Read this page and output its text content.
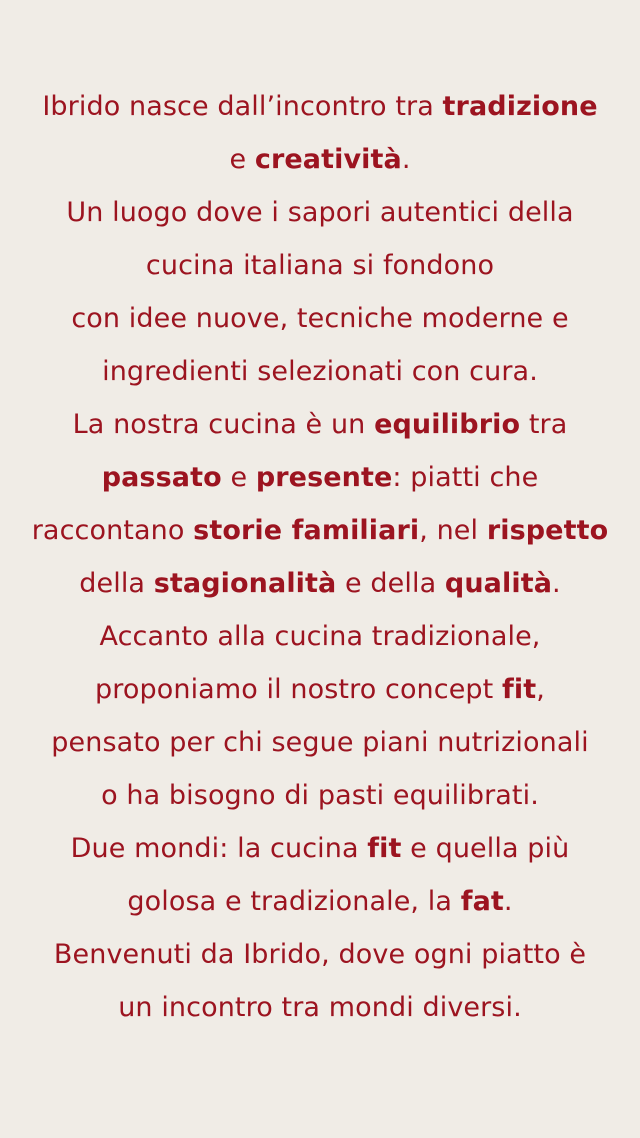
Ibrido nasce dall’incontro tra tradizione
e creatività.
Un luogo dove i sapori autentici della
cucina italiana si fondono
con idee nuove, tecniche moderne e
ingredienti selezionati con cura.
La nostra cucina è un equilibrio tra
passato e presente: piatti che
raccontano storie familiari, nel rispetto
della stagionalità e della qualità.
Accanto alla cucina tradizionale,
proponiamo il nostro concept fit,
pensato per chi segue piani nutrizionali
o ha bisogno di pasti equilibrati.
Due mondi: la cucina fit e quella più
golosa e tradizionale, la fat.
Benvenuti da Ibrido, dove ogni piatto è
un incontro tra mondi diversi.
